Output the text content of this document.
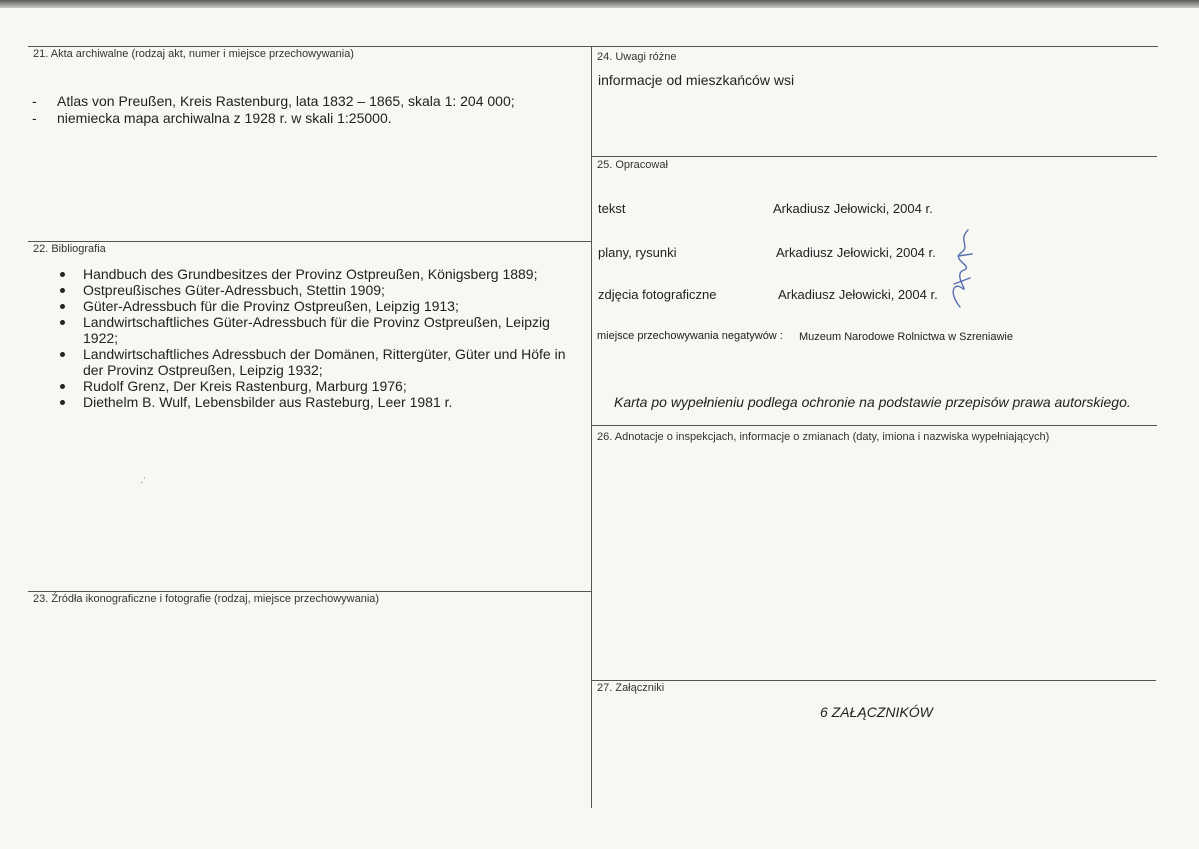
21. Akta archiwalne (rodzaj akt, numer i miejsce przechowywania)
- Atlas von Preußen, Kreis Rastenburg, lata 1832 – 1865, skala 1: 204 000;
- niemiecka mapa archiwalna z 1928 r. w skali 1:25000.
22. Bibliografia
Handbuch des Grundbesitzes der Provinz Ostpreußen, Königsberg 1889;
Ostpreußisches Güter-Adressbuch, Stettin 1909;
Güter-Adressbuch für die Provinz Ostpreußen, Leipzig 1913;
Landwirtschaftliches Güter-Adressbuch für die Provinz Ostpreußen, Leipzig 1922;
Landwirtschaftliches Adressbuch der Domänen, Rittergüter, Güter und Höfe in der Provinz Ostpreußen, Leipzig 1932;
Rudolf Grenz, Der Kreis Rastenburg, Marburg 1976;
Diethelm B. Wulf, Lebensbilder aus Rasteburg, Leer 1981 r.
·˙
23. Źródła ikonograficzne i fotografie (rodzaj, miejsce przechowywania)
24. Uwagi różne
informacje od mieszkańców wsi
25. Opracował
tekst	Arkadiusz Jełowicki, 2004 r.
plany, rysunki	Arkadiusz Jełowicki, 2004 r.
zdjęcia fotograficzne	Arkadiusz Jełowicki, 2004 r.
miejsce przechowywania negatywów : Muzeum Narodowe Rolnictwa w Szreniawie
Karta po wypełnieniu podlega ochronie na podstawie przepisów prawa autorskiego.
26. Adnotacje o inspekcjach, informacje o zmianach (daty, imiona i nazwiska wypełniających)
27. Załączniki
6 ZAŁĄCZNIKÓW
